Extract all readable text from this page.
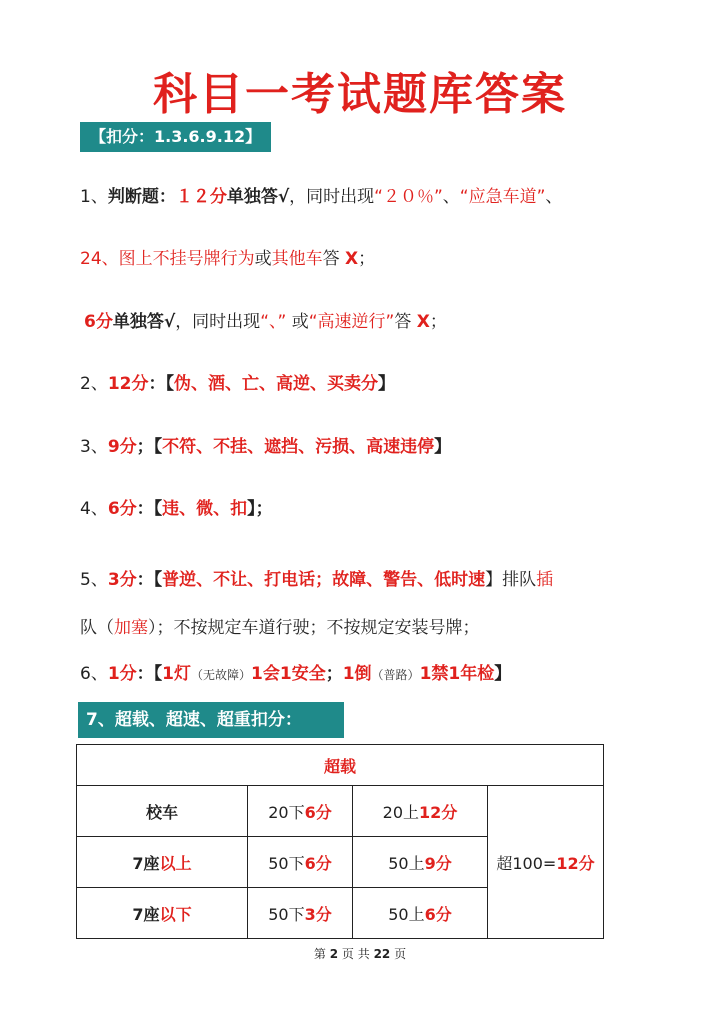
科目一考试题库答案
【扣分：1.3.6.9.12】
1、判断题：１２分单独答√，同时出现“２０％”、“应急车道”、
24、图上不挂号牌行为或其他车答 X；
6分单独答√，同时出现“、” 或“高速逆行”答 X；
2、12分：【伪、酒、亡、高逆、买卖分】
3、9分；【不符、不挂、遮挡、污损、高速违停】
4、6分：【违、微、扣】；
5、3分：【普逆、不让、打电话；故障、警告、低时速】排队插
队（加塞）；不按规定车道行驶；不按规定安装号牌；
6、1分：【1灯（无故障）1会1安全；1倒（普路）1禁1年检】
7、超载、超速、超重扣分：
超载			
校车	20下6分	20上12分	超100=12分
7座以上	50下6分	50上9分	
7座以下	50下3分	50上6分	
第 2 页 共 22 页
